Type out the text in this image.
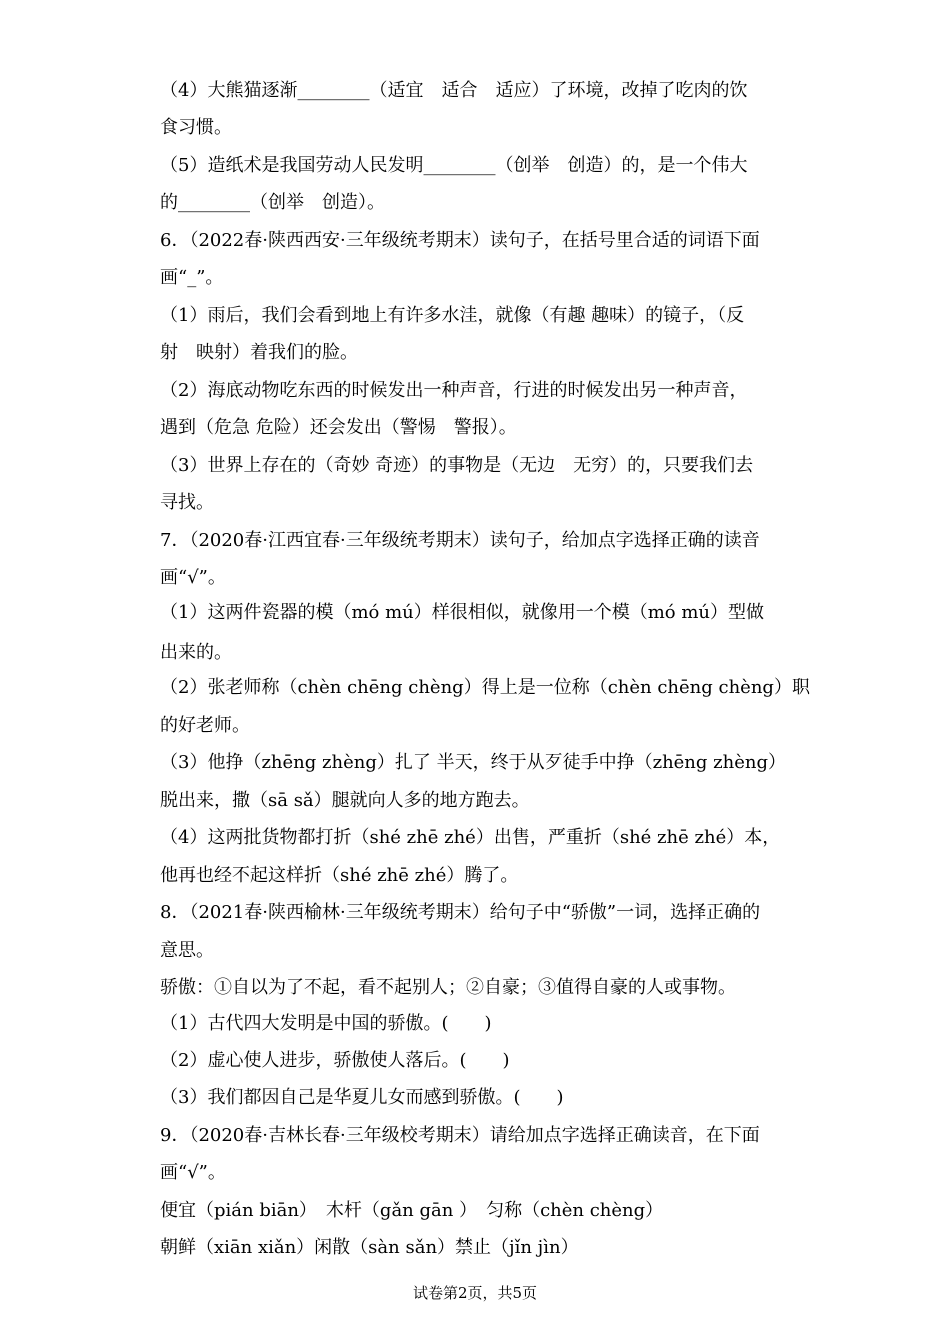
（4）大熊猫逐渐________（适宜　适合　适应）了环境，改掉了吃肉的饮
食习惯。
（5）造纸术是我国劳动人民发明________（创举　创造）的，是一个伟大
的________（创举　创造）。
6．（2022春·陕西西安·三年级统考期末）读句子，在括号里合适的词语下面
画“_”。
（1）雨后，我们会看到地上有许多水洼，就像（有趣 趣味）的镜子，（反
射　映射）着我们的脸。
（2）海底动物吃东西的时候发出一种声音，行进的时候发出另一种声音，
遇到（危急 危险）还会发出（警惕　警报）。
（3）世界上存在的（奇妙 奇迹）的事物是（无边　无穷）的，只要我们去
寻找。
7．（2020春·江西宜春·三年级统考期末）读句子，给加点字选择正确的读音
画“√”。
（1）这两件瓷器的模（mó mú）样很相似，就像用一个模（mó mú）型做
出来的。
（2）张老师称（chèn chēng chèng）得上是一位称（chèn chēng chèng）职
的好老师。
（3）他挣（zhēng zhèng）扎了 半天，终于从歹徒手中挣（zhēng zhèng）
脱出来，撒（sā sǎ）腿就向人多的地方跑去。
（4）这两批货物都打折（shé zhē zhé）出售，严重折（shé zhē zhé）本，
他再也经不起这样折（shé zhē zhé）腾了。
8．（2021春·陕西榆林·三年级统考期末）给句子中“骄傲”一词，选择正确的
意思。
骄傲：①自以为了不起，看不起别人；②自豪；③值得自豪的人或事物。
（1）古代四大发明是中国的骄傲。(　　)
（2）虚心使人进步，骄傲使人落后。(　　)
（3）我们都因自己是华夏儿女而感到骄傲。(　　)
9．（2020春·吉林长春·三年级校考期末）请给加点字选择正确读音，在下面
画“√”。
便宜（pián biān）　木杆（gǎn gān ）　匀称（chèn chèng）
朝鲜（xiān xiǎn）闲散（sàn sǎn）禁止（jǐn jìn）
试卷第2页，共5页
